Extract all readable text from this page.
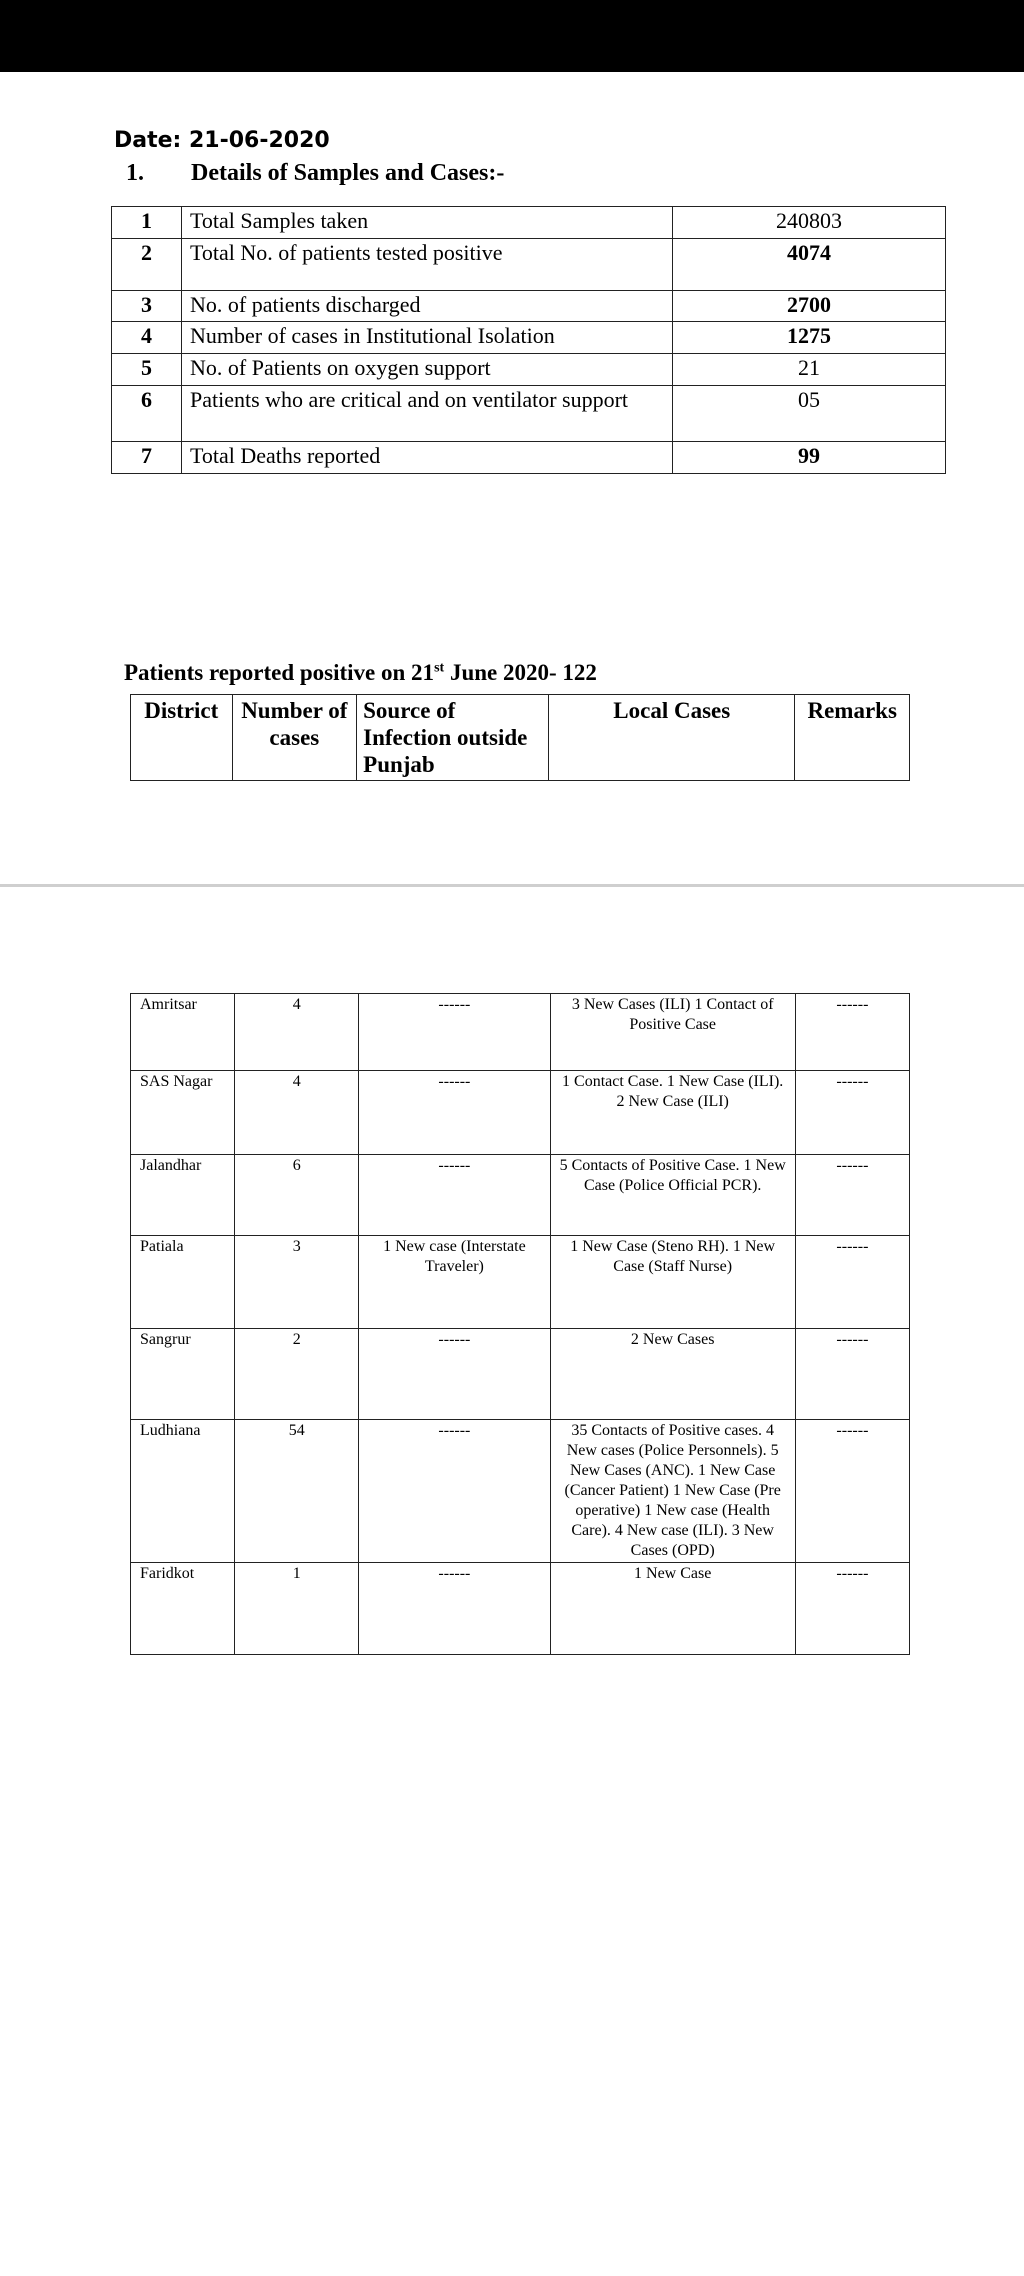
Date: 21-06-2020
1. Details of Samples and Cases:-
1	Total Samples taken	240803
2	Total No. of patients tested positive	4074
3	No. of patients discharged	2700
4	Number of cases in Institutional Isolation	1275
5	No. of Patients on oxygen support	21
6	Patients who are critical and on ventilator support	05
7	Total Deaths reported	99
Patients reported positive on 21st June 2020- 122
District	Number of cases	Source of Infection outside Punjab	Local Cases	Remarks
Amritsar	4	------	3 New Cases (ILI) 1 Contact of Positive Case	------
SAS Nagar	4	------	1 Contact Case. 1 New Case (ILI). 2 New Case (ILI)	------
Jalandhar	6	------	5 Contacts of Positive Case. 1 New Case (Police Official PCR).	------
Patiala	3	1 New case (Interstate Traveler)	1 New Case (Steno RH). 1 New Case (Staff Nurse)	------
Sangrur	2	------	2 New Cases	------
Ludhiana	54	------	35 Contacts of Positive cases. 4 New cases (Police Personnels). 5 New Cases (ANC). 1 New Case (Cancer Patient) 1 New Case (Pre operative) 1 New case (Health Care). 4 New case (ILI). 3 New Cases (OPD)	------
Faridkot	1	------	1 New Case	------
